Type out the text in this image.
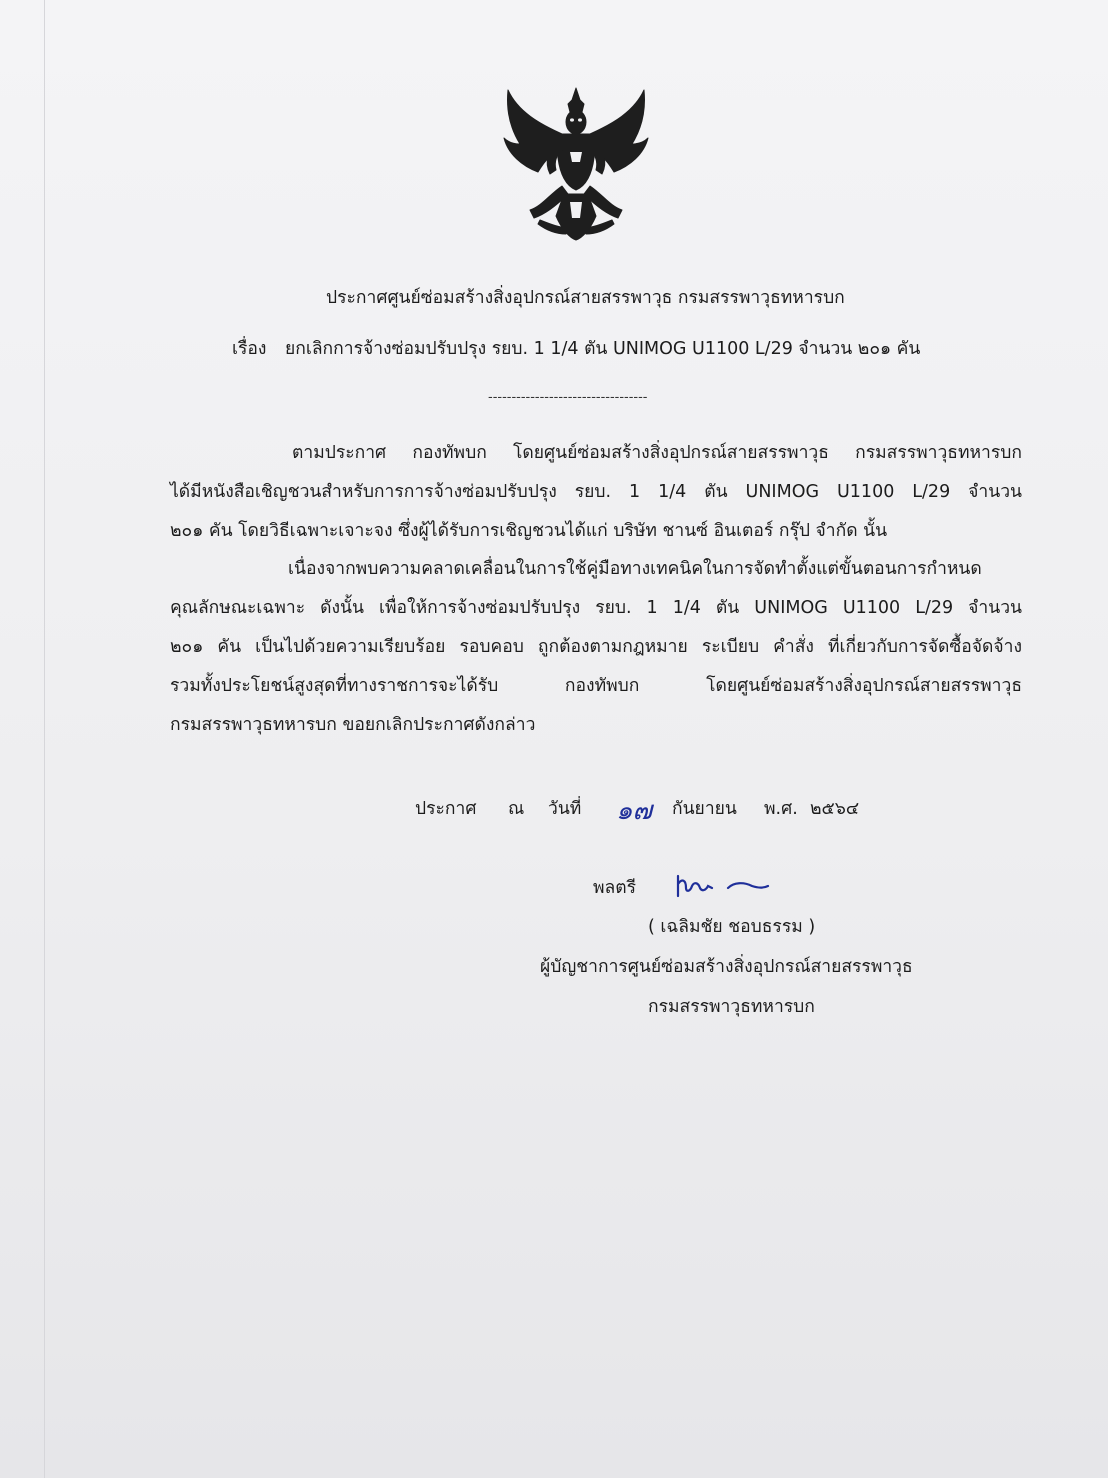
ประกาศศูนย์ซ่อมสร้างสิ่งอุปกรณ์สายสรรพาวุธ กรมสรรพาวุธทหารบก
เรื่อง ยกเลิกการจ้างซ่อมปรับปรุง รยบ. 1 1/4 ตัน UNIMOG U1100 L/29 จำนวน ๒๐๑ คัน
----------------------------------
ตามประกาศ กองทัพบก โดยศูนย์ซ่อมสร้างสิ่งอุปกรณ์สายสรรพาวุธ กรมสรรพาวุธทหารบก
ได้มีหนังสือเชิญชวนสำหรับการการจ้างซ่อมปรับปรุง รยบ. 1 1/4 ตัน UNIMOG U1100 L/29 จำนวน
๒๐๑ คัน โดยวิธีเฉพาะเจาะจง ซึ่งผู้ได้รับการเชิญชวนได้แก่ บริษัท ชานซ์ อินเตอร์ กรุ๊ป จำกัด นั้น
เนื่องจากพบความคลาดเคลื่อนในการใช้คู่มือทางเทคนิคในการจัดทำตั้งแต่ขั้นตอนการกำหนด
คุณลักษณะเฉพาะ ดังนั้น เพื่อให้การจ้างซ่อมปรับปรุง รยบ. 1 1/4 ตัน UNIMOG U1100 L/29 จำนวน
๒๐๑ คัน เป็นไปด้วยความเรียบร้อย รอบคอบ ถูกต้องตามกฎหมาย ระเบียบ คำสั่ง ที่เกี่ยวกับการจัดซื้อจัดจ้าง
รวมทั้งประโยชน์สูงสุดที่ทางราชการจะได้รับ กองทัพบก โดยศูนย์ซ่อมสร้างสิ่งอุปกรณ์สายสรรพาวุธ
กรมสรรพาวุธทหารบก ขอยกเลิกประกาศดังกล่าว
ประกาศ ณ วันที่ ๑๗ กันยายน พ.ศ. ๒๕๖๔
พลตรี
( เฉลิมชัย ชอบธรรม )
ผู้บัญชาการศูนย์ซ่อมสร้างสิ่งอุปกรณ์สายสรรพาวุธ
กรมสรรพาวุธทหารบก
